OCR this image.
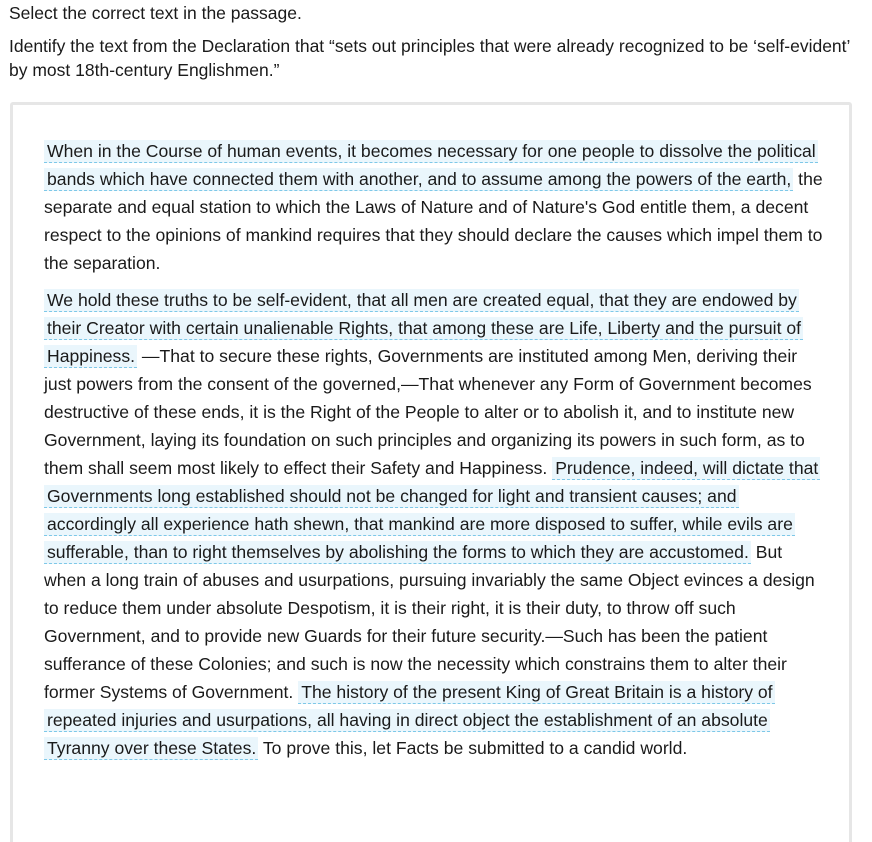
Select the correct text in the passage.

Identify the text from the Declaration that “sets out principles that were already recognized to be ‘self-evident’ by most 18th-century Englishmen.”

When in the Course of human events, it becomes necessary for one people to dissolve the political bands which have connected them with another, and to assume among the powers of the earth, the separate and equal station to which the Laws of Nature and of Nature's God entitle them, a decent respect to the opinions of mankind requires that they should declare the causes which impel them to the separation.

We hold these truths to be self-evident, that all men are created equal, that they are endowed by their Creator with certain unalienable Rights, that among these are Life, Liberty and the pursuit of Happiness. —That to secure these rights, Governments are instituted among Men, deriving their just powers from the consent of the governed,—That whenever any Form of Government becomes destructive of these ends, it is the Right of the People to alter or to abolish it, and to institute new Government, laying its foundation on such principles and organizing its powers in such form, as to them shall seem most likely to effect their Safety and Happiness. Prudence, indeed, will dictate that Governments long established should not be changed for light and transient causes; and accordingly all experience hath shewn, that mankind are more disposed to suffer, while evils are sufferable, than to right themselves by abolishing the forms to which they are accustomed. But when a long train of abuses and usurpations, pursuing invariably the same Object evinces a design to reduce them under absolute Despotism, it is their right, it is their duty, to throw off such Government, and to provide new Guards for their future security.—Such has been the patient sufferance of these Colonies; and such is now the necessity which constrains them to alter their former Systems of Government. The history of the present King of Great Britain is a history of repeated injuries and usurpations, all having in direct object the establishment of an absolute Tyranny over these States. To prove this, let Facts be submitted to a candid world.
